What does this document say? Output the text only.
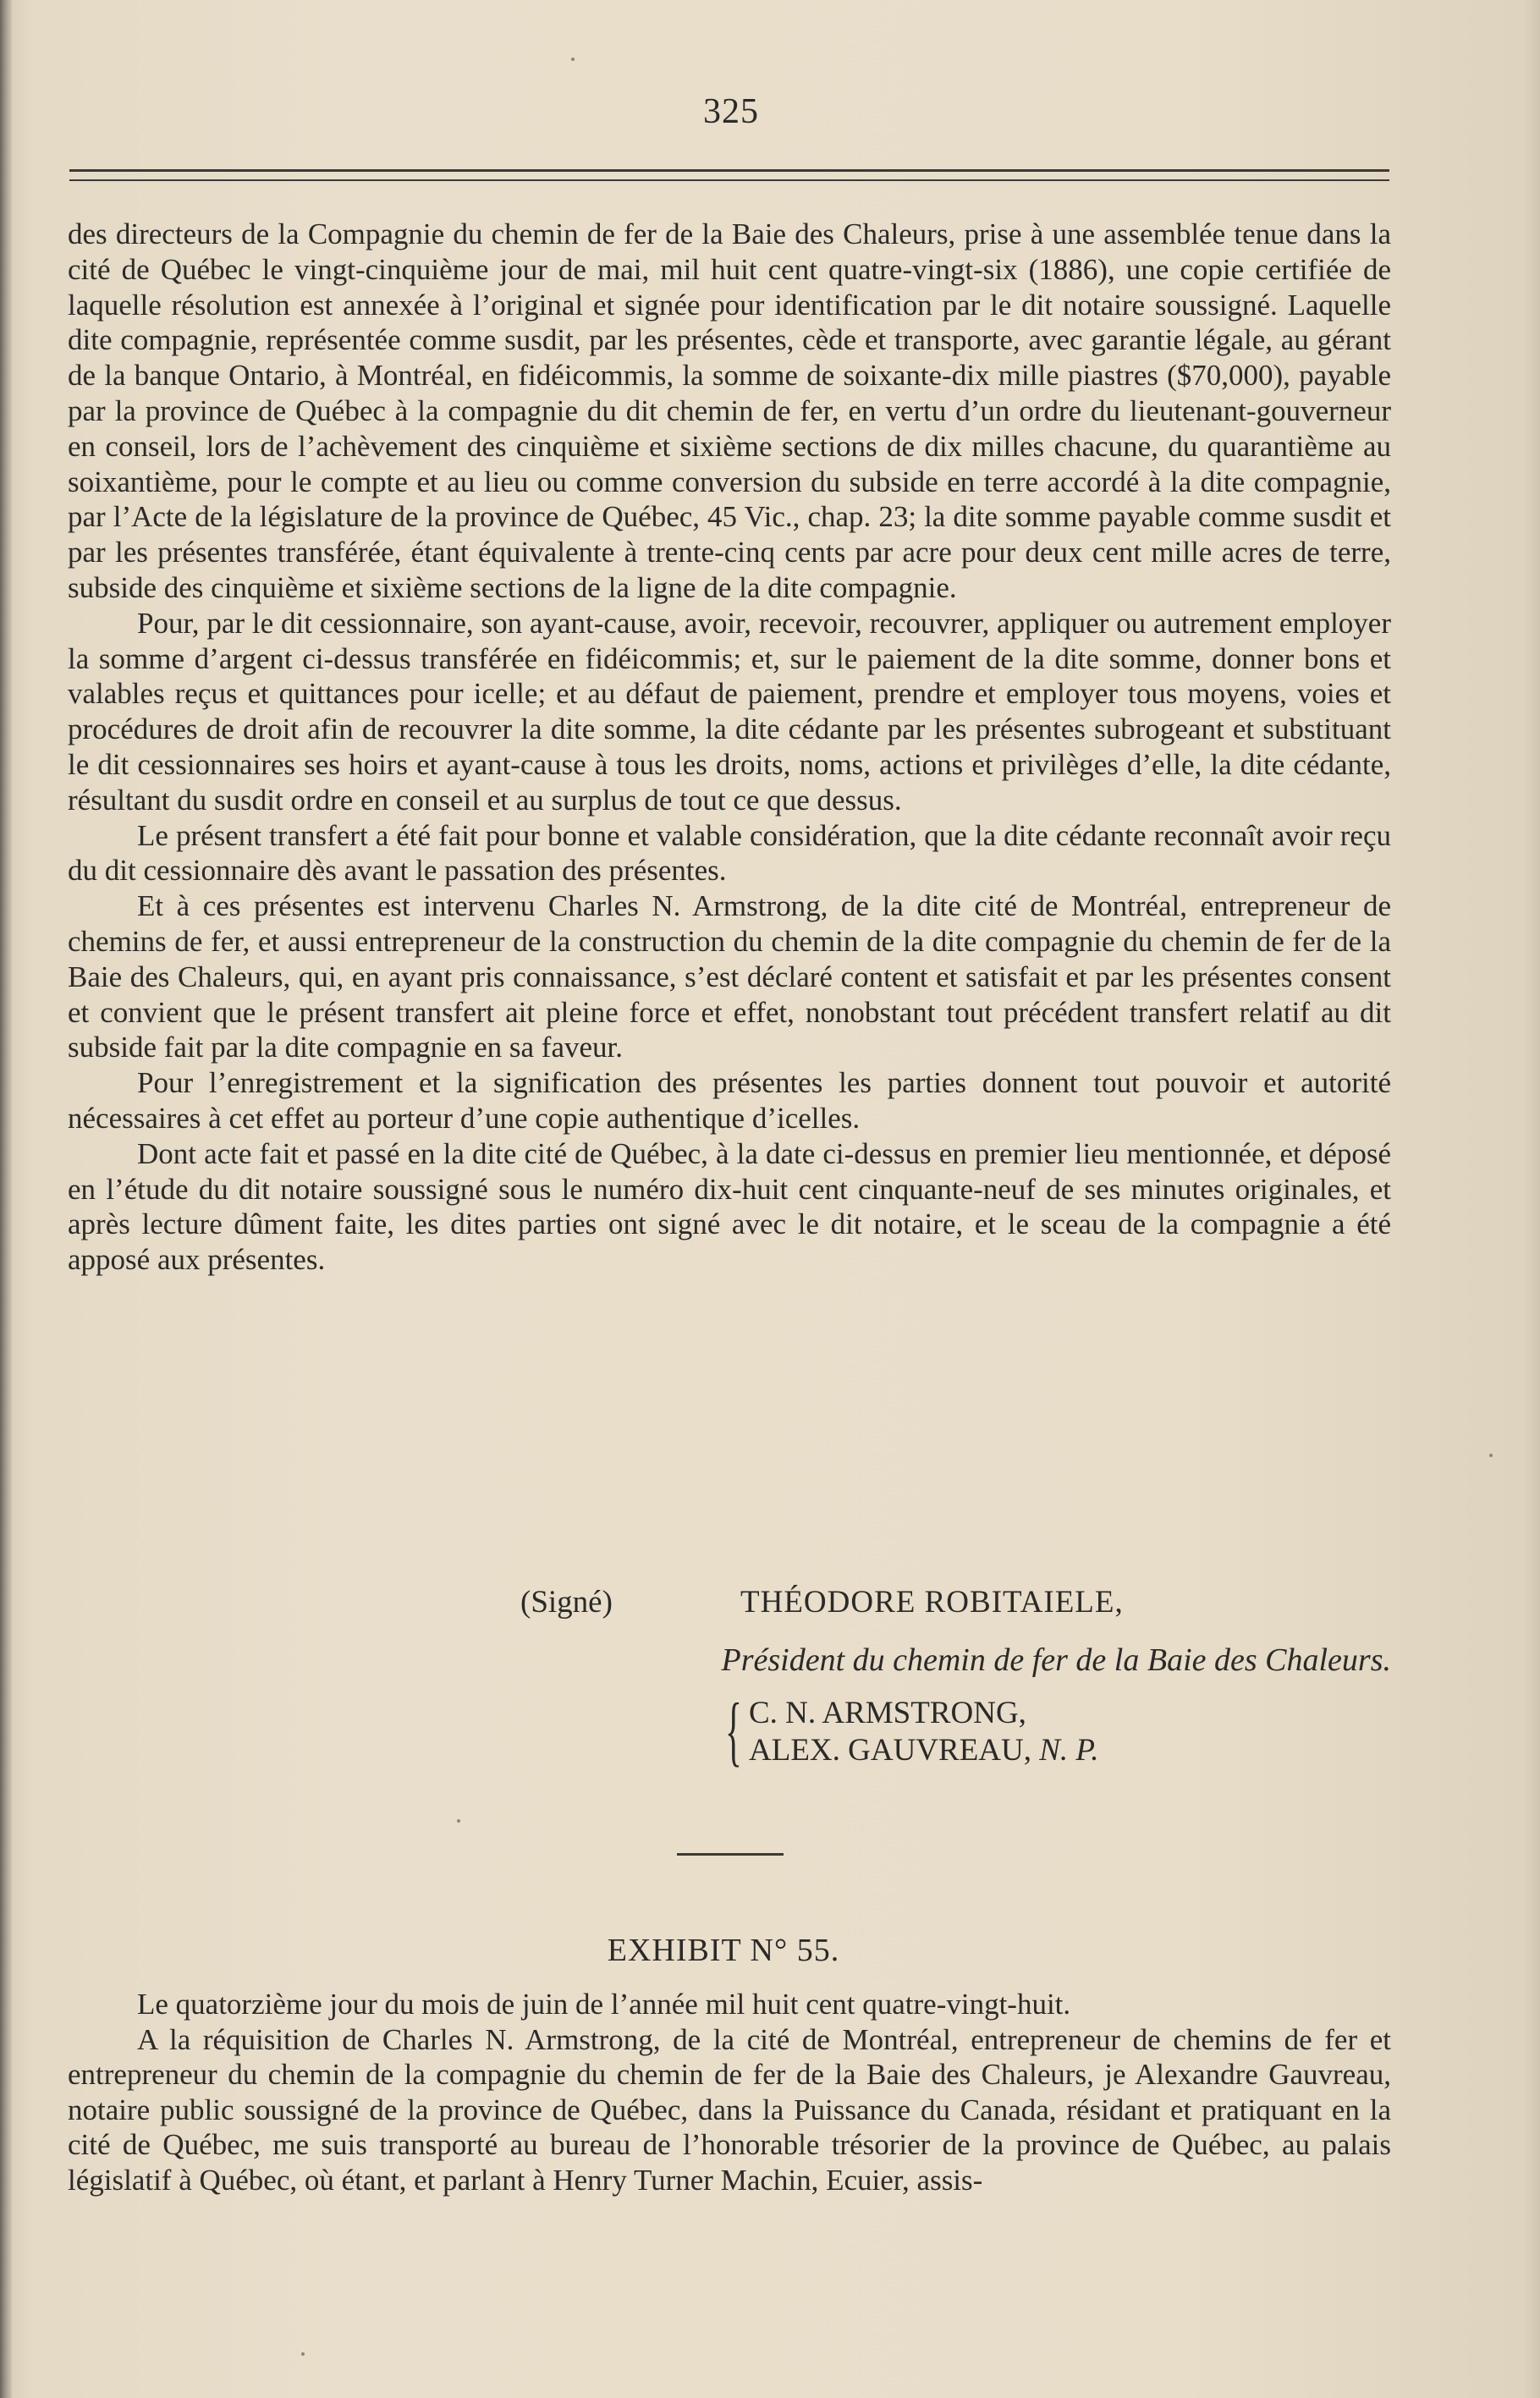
325

des directeurs de la Compagnie du chemin de fer de la Baie des Chaleurs, prise à une assemblée tenue dans la cité de Québec le vingt-cinquième jour de mai, mil huit cent quatre-vingt-six (1886), une copie certifiée de laquelle résolution est annexée à l’original et signée pour identification par le dit notaire soussigné. Laquelle dite compagnie, représentée comme susdit, par les présentes, cède et transporte, avec garantie légale, au gérant de la banque Ontario, à Montréal, en fidéicommis, la somme de soixante-dix mille piastres ($70,000), payable par la province de Québec à la compagnie du dit chemin de fer, en vertu d’un ordre du lieutenant-gouverneur en conseil, lors de l’achèvement des cinquième et sixième sections de dix milles chacune, du quarantième au soixantième, pour le compte et au lieu ou comme conversion du subside en terre accordé à la dite compagnie, par l’Acte de la législature de la province de Québec, 45 Vic., chap. 23; la dite somme payable comme susdit et par les présentes transférée, étant équivalente à trente-cinq cents par acre pour deux cent mille acres de terre, subside des cinquième et sixième sections de la ligne de la dite compagnie.

Pour, par le dit cessionnaire, son ayant-cause, avoir, recevoir, recouvrer, appliquer ou autrement employer la somme d’argent ci-dessus transférée en fidéicommis; et, sur le paiement de la dite somme, donner bons et valables reçus et quittances pour icelle; et au défaut de paiement, prendre et employer tous moyens, voies et procédures de droit afin de recouvrer la dite somme, la dite cédante par les présentes subrogeant et substituant le dit cessionnaires ses hoirs et ayant-cause à tous les droits, noms, actions et privilèges d’elle, la dite cédante, résultant du susdit ordre en conseil et au surplus de tout ce que dessus.

Le présent transfert a été fait pour bonne et valable considération, que la dite cédante reconnaît avoir reçu du dit cessionnaire dès avant le passation des présentes.

Et à ces présentes est intervenu Charles N. Armstrong, de la dite cité de Montréal, entrepreneur de chemins de fer, et aussi entrepreneur de la construction du chemin de la dite compagnie du chemin de fer de la Baie des Chaleurs, qui, en ayant pris connaissance, s’est déclaré content et satisfait et par les présentes consent et convient que le présent transfert ait pleine force et effet, nonobstant tout précédent transfert relatif au dit subside fait par la dite compagnie en sa faveur.

Pour l’enregistrement et la signification des présentes les parties donnent tout pouvoir et autorité nécessaires à cet effet au porteur d’une copie authentique d’icelles.

Dont acte fait et passé en la dite cité de Québec, à la date ci-dessus en premier lieu mentionnée, et déposé en l’étude du dit notaire soussigné sous le numéro dix-huit cent cinquante-neuf de ses minutes originales, et après lecture dûment faite, les dites parties ont signé avec le dit notaire, et le sceau de la compagnie a été apposé aux présentes.

(Signé)	THÉODORE ROBITAIELE,
Président du chemin de fer de la Baie des Chaleurs.
{ C. N. ARMSTRONG,
ALEX. GAUVREAU, N. P.
EXHIBIT N° 55.

Le quatorzième jour du mois de juin de l’année mil huit cent quatre-vingt-huit.

A la réquisition de Charles N. Armstrong, de la cité de Montréal, entrepreneur de chemins de fer et entrepreneur du chemin de la compagnie du chemin de fer de la Baie des Chaleurs, je Alexandre Gauvreau, notaire public soussigné de la province de Québec, dans la Puissance du Canada, résidant et pratiquant en la cité de Québec, me suis transporté au bureau de l’honorable trésorier de la province de Québec, au palais législatif à Québec, où étant, et parlant à Henry Turner Machin, Ecuier, assis-
